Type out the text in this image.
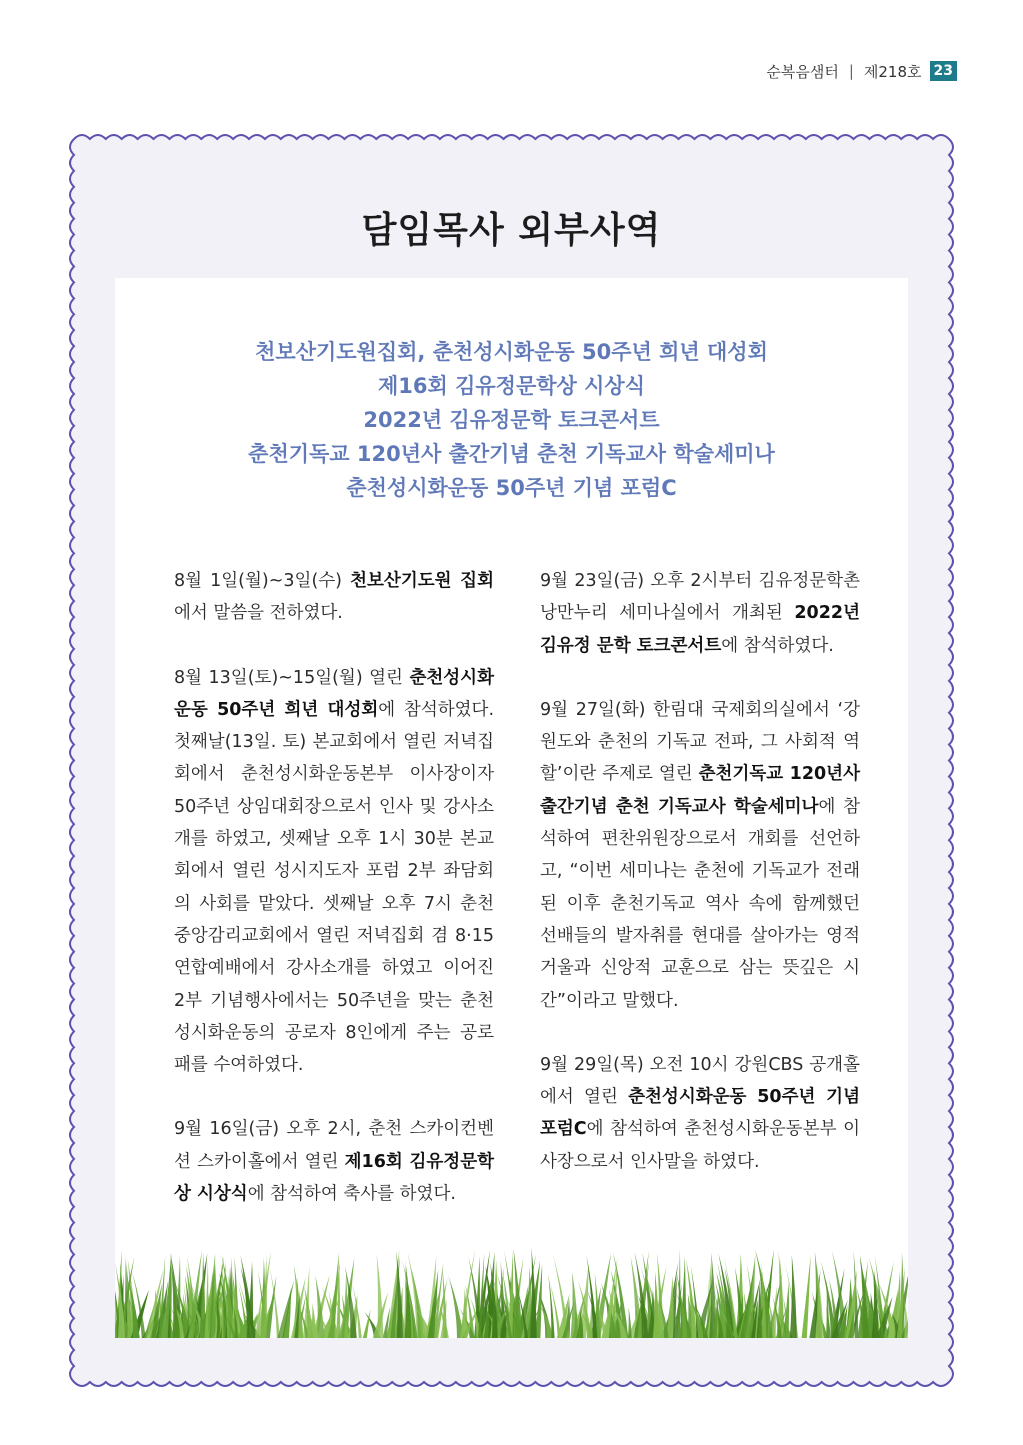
순복음샘터 | 제218호 23
담임목사 외부사역
천보산기도원집회, 춘천성시화운동 50주년 희년 대성회
제16회 김유정문학상 시상식
2022년 김유정문학 토크콘서트
춘천기독교 120년사 출간기념 춘천 기독교사 학술세미나
춘천성시화운동 50주년 기념 포럼C

8월 1일(월)~3일(수) 천보산기도원 집회에서 말씀을 전하였다.

8월 13일(토)~15일(월) 열린 춘천성시화운동 50주년 희년 대성회에 참석하였다. 첫째날(13일. 토) 본교회에서 열린 저녁집회에서 춘천성시화운동본부 이사장이자 50주년 상임대회장으로서 인사 및 강사소개를 하였고, 셋째날 오후 1시 30분 본교회에서 열린 성시지도자 포럼 2부 좌담회의 사회를 맡았다. 셋째날 오후 7시 춘천중앙감리교회에서 열린 저녁집회 겸 8·15연합예배에서 강사소개를 하였고 이어진 2부 기념행사에서는 50주년을 맞는 춘천성시화운동의 공로자 8인에게 주는 공로패를 수여하였다.

9월 16일(금) 오후 2시, 춘천 스카이컨벤션 스카이홀에서 열린 제16회 김유정문학상 시상식에 참석하여 축사를 하였다.

9월 23일(금) 오후 2시부터 김유정문학촌 낭만누리 세미나실에서 개최된 2022년 김유정 문학 토크콘서트에 참석하였다.

9월 27일(화) 한림대 국제회의실에서 ‘강원도와 춘천의 기독교 전파, 그 사회적 역할’이란 주제로 열린 춘천기독교 120년사 출간기념 춘천 기독교사 학술세미나에 참석하여 편찬위원장으로서 개회를 선언하고, “이번 세미나는 춘천에 기독교가 전래된 이후 춘천기독교 역사 속에 함께했던 선배들의 발자취를 현대를 살아가는 영적 거울과 신앙적 교훈으로 삼는 뜻깊은 시간”이라고 말했다.

9월 29일(목) 오전 10시 강원CBS 공개홀에서 열린 춘천성시화운동 50주년 기념 포럼C에 참석하여 춘천성시화운동본부 이사장으로서 인사말을 하였다.
